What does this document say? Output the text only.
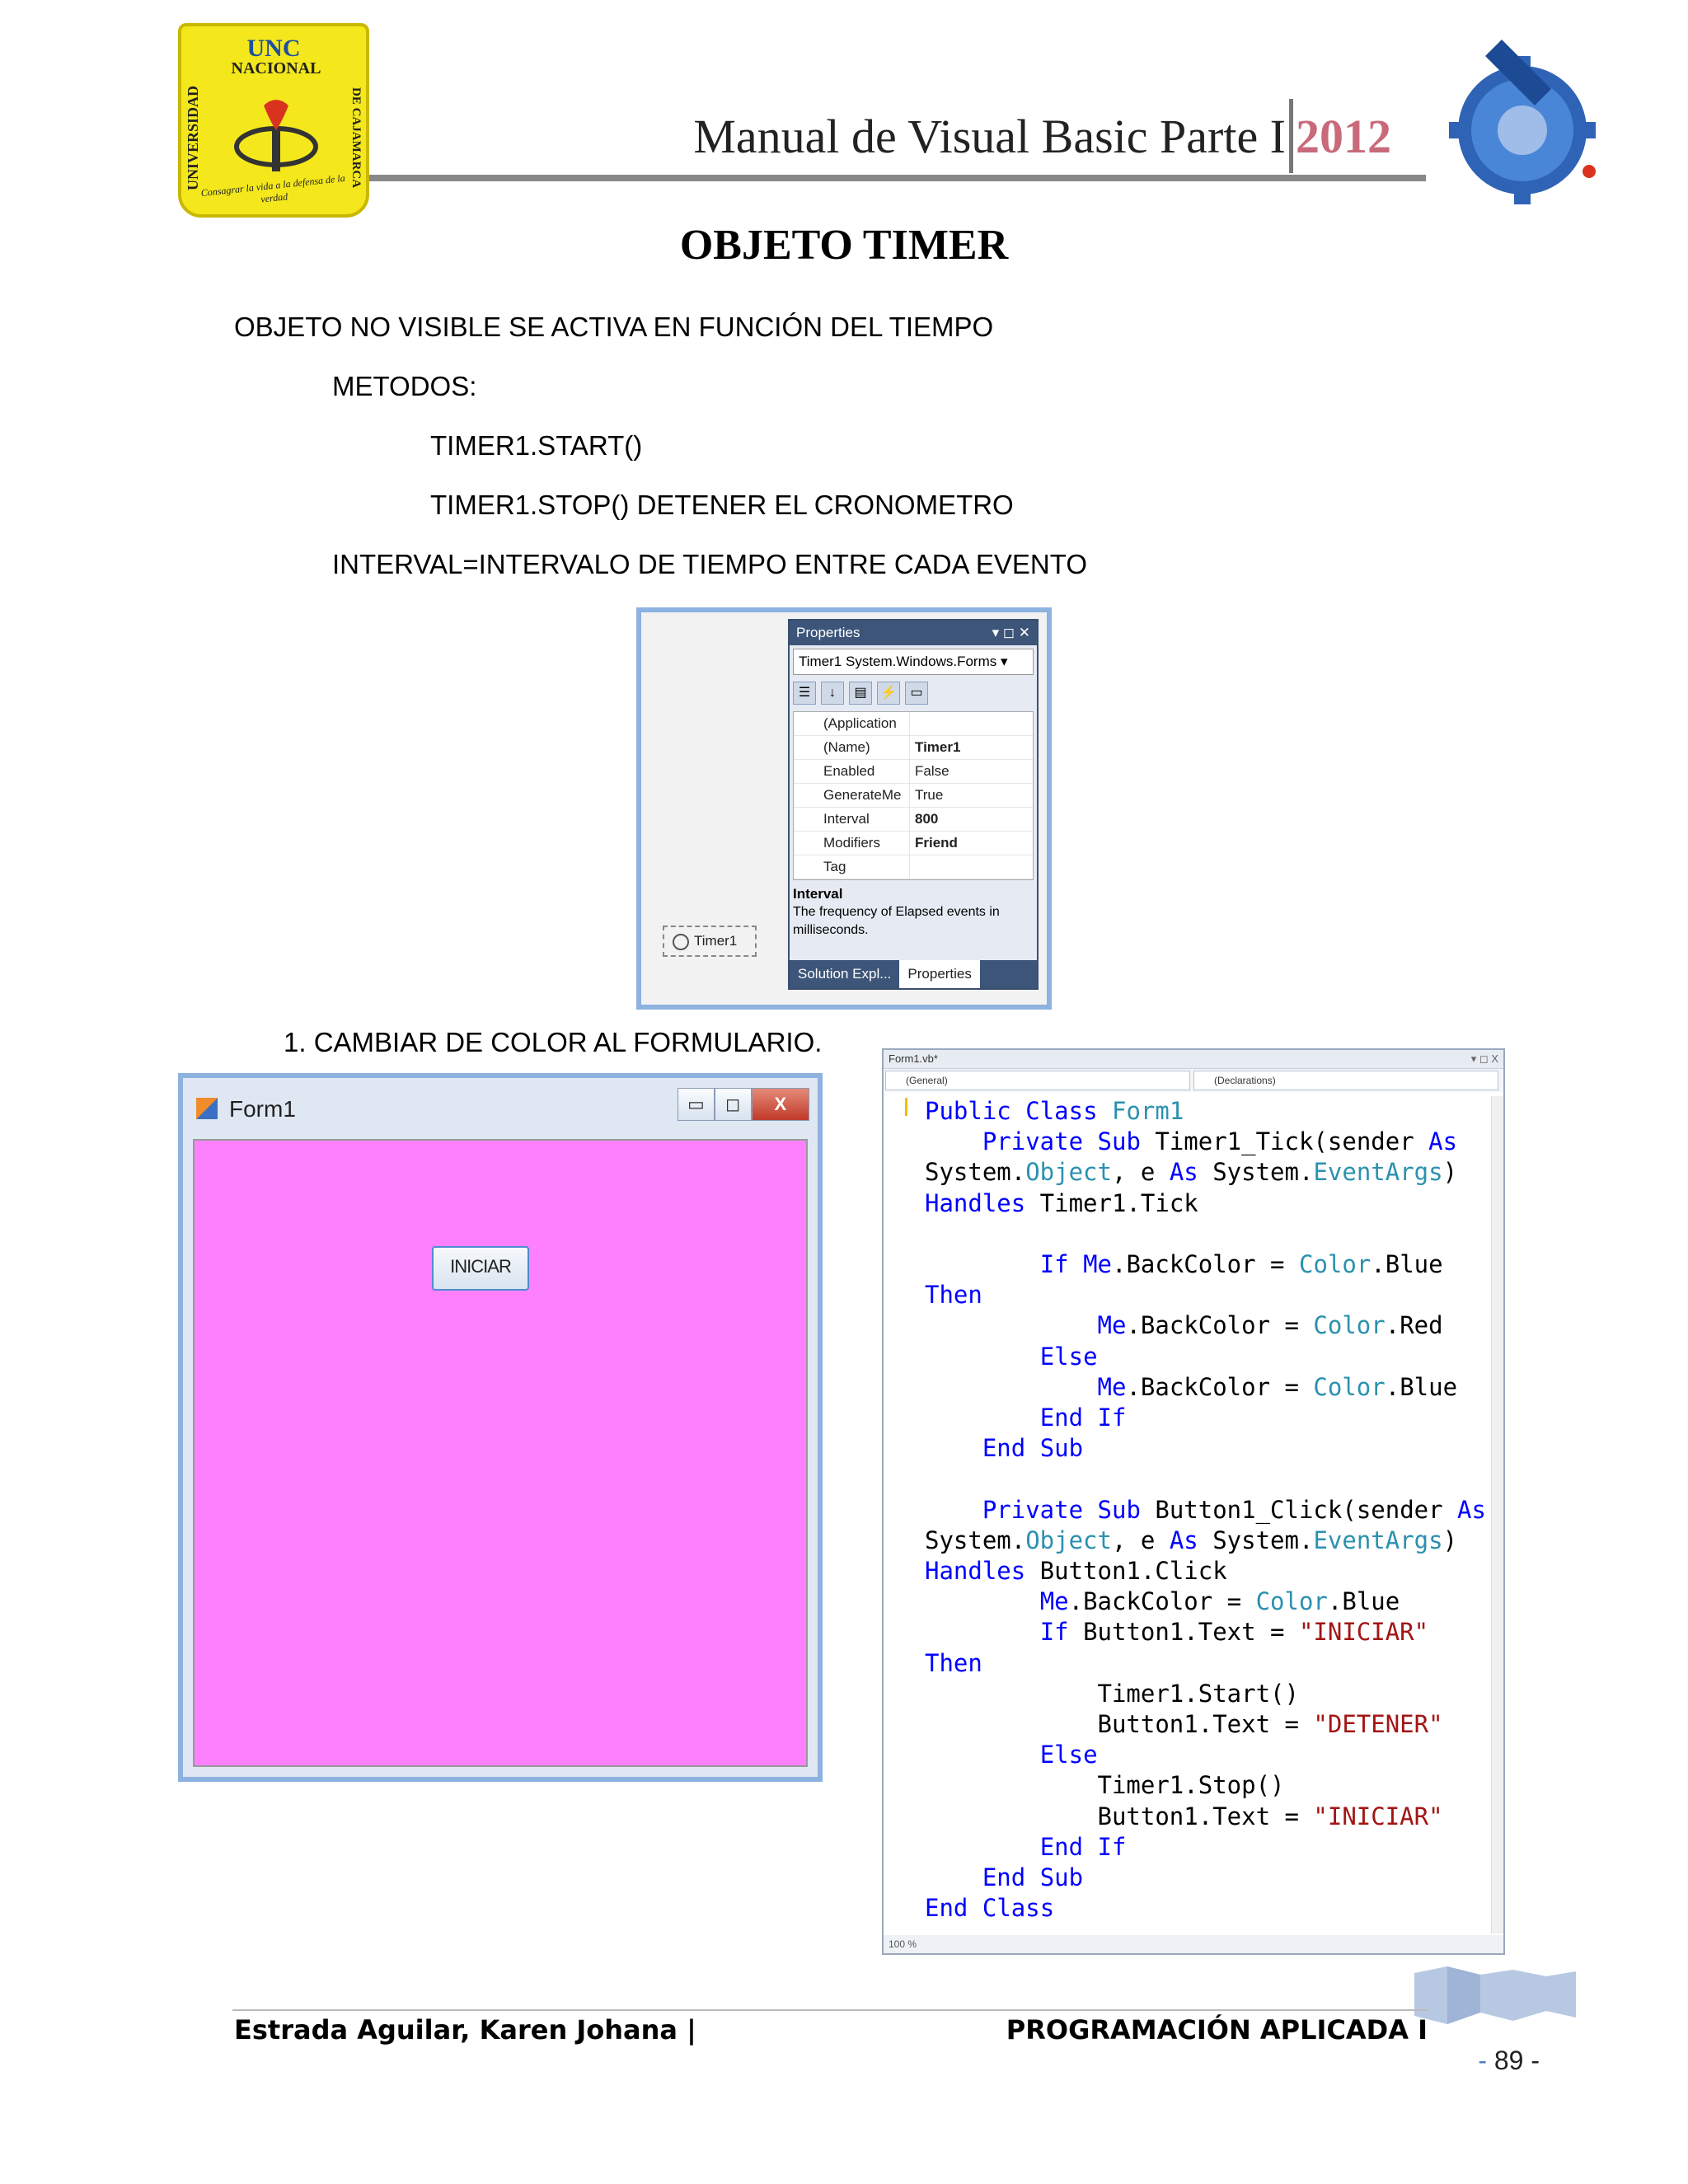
UNC
NACIONAL
UNIVERSIDAD	DE CAJAMARCA
Consagrar la vida a la defensa de la verdad
Manual de Visual Basic Parte I 2012
OBJETO TIMER
OBJETO NO VISIBLE SE ACTIVA EN FUNCIÓN DEL TIEMPO
METODOS:
TIMER1.START()
TIMER1.STOP() DETENER EL CRONOMETRO
INTERVAL=INTERVALO DE TIEMPO ENTRE CADA EVENTO
Timer1
Properties	▾ ◻ ✕
Timer1 System.Windows.Forms ▾
☰	↓	▤	⚡	▭
(Application
(Name)	Timer1
Enabled	False
GenerateMe True
Interval	800
Modifiers	Friend
Tag
Interval
The frequency of Elapsed events in milliseconds.
Solution Expl...	Properties
1. CAMBIAR DE COLOR AL FORMULARIO.
Form1	▭	◻	X
INICIAR
Form1.vb*	▾ ◻ X
(General)	(Declarations)
Public Class Form1
Private Sub Timer1_Tick(sender As
System.Object, e As System.EventArgs)
Handles Timer1.Tick

If Me.BackColor = Color.Blue
Then
Me.BackColor = Color.Red
Else
Me.BackColor = Color.Blue
End If
End Sub

Private Sub Button1_Click(sender As
System.Object, e As System.EventArgs)
Handles Button1.Click
Me.BackColor = Color.Blue
If Button1.Text = "INICIAR"
Then
Timer1.Start()
Button1.Text = "DETENER"
Else
Timer1.Stop()
Button1.Text = "INICIAR"
End If
End Sub
End Class
100 %
Estrada Aguilar, Karen Johana |	PROGRAMACIÓN APLICADA I
- 89 -
